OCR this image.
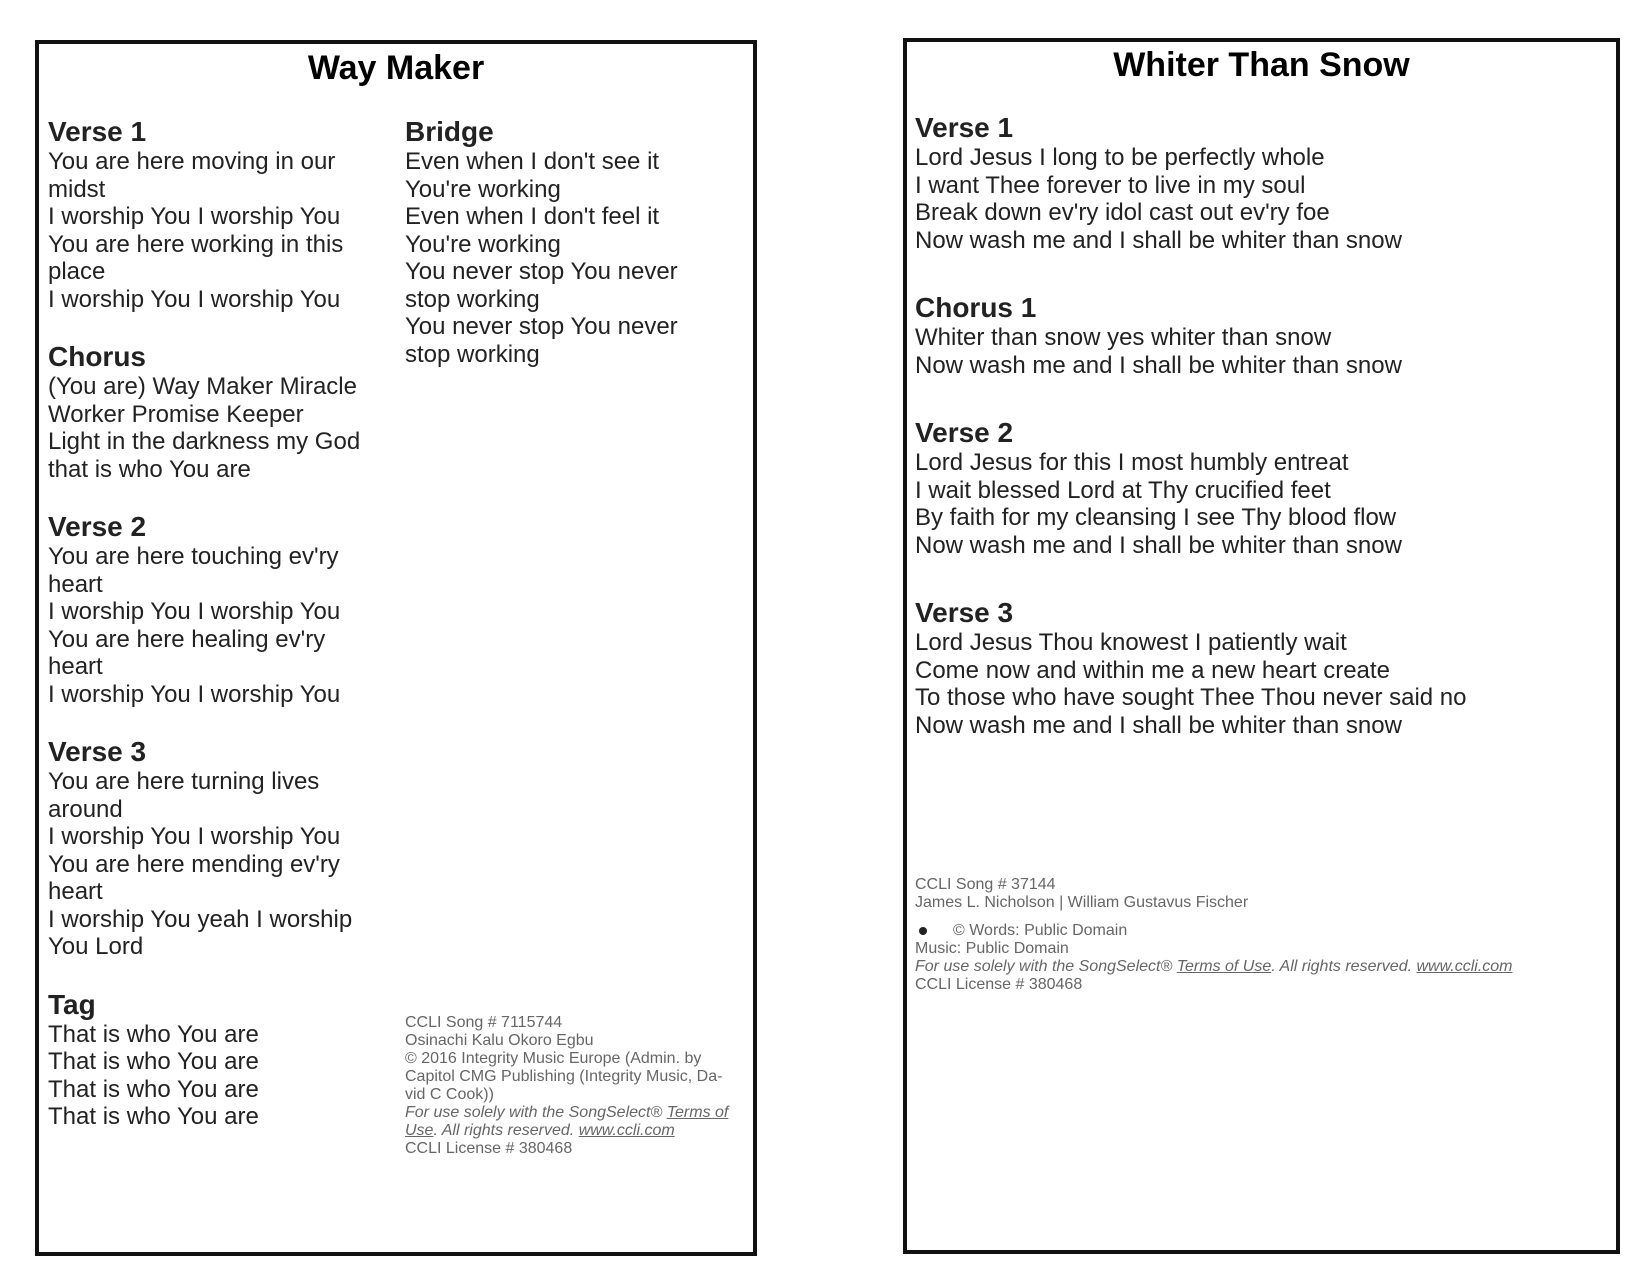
Way Maker

Verse 1

You are here moving in our

midst

I worship You I worship You

You are here working in this

place

I worship You I worship You

Chorus

(You are) Way Maker Miracle

Worker Promise Keeper

Light in the darkness my God

that is who You are

Verse 2

You are here touching ev'ry

heart

I worship You I worship You

You are here healing ev'ry

heart

I worship You I worship You

Verse 3

You are here turning lives

around

I worship You I worship You

You are here mending ev'ry

heart

I worship You yeah I worship

You Lord

Tag

That is who You are

That is who You are

That is who You are

That is who You are

Bridge

Even when I don't see it

You're working

Even when I don't feel it

You're working

You never stop You never

stop working

You never stop You never

stop working

CCLI Song # 7115744

Osinachi Kalu Okoro Egbu

© 2016 Integrity Music Europe (Admin. by

Capitol CMG Publishing (Integrity Music, Da-

vid C Cook))

For use solely with the SongSelect® Terms of

Use. All rights reserved. www.ccli.com

CCLI License # 380468

Whiter Than Snow

Verse 1

Lord Jesus I long to be perfectly whole

I want Thee forever to live in my soul

Break down ev'ry idol cast out ev'ry foe

Now wash me and I shall be whiter than snow

Chorus 1

Whiter than snow yes whiter than snow

Now wash me and I shall be whiter than snow

Verse 2

Lord Jesus for this I most humbly entreat

I wait blessed Lord at Thy crucified feet

By faith for my cleansing I see Thy blood flow

Now wash me and I shall be whiter than snow

Verse 3

Lord Jesus Thou knowest I patiently wait

Come now and within me a new heart create

To those who have sought Thee Thou never said no

Now wash me and I shall be whiter than snow

CCLI Song # 37144

James L. Nicholson | William Gustavus Fischer

© Words: Public Domain

Music: Public Domain

For use solely with the SongSelect® Terms of Use. All rights reserved. www.ccli.com

CCLI License # 380468
